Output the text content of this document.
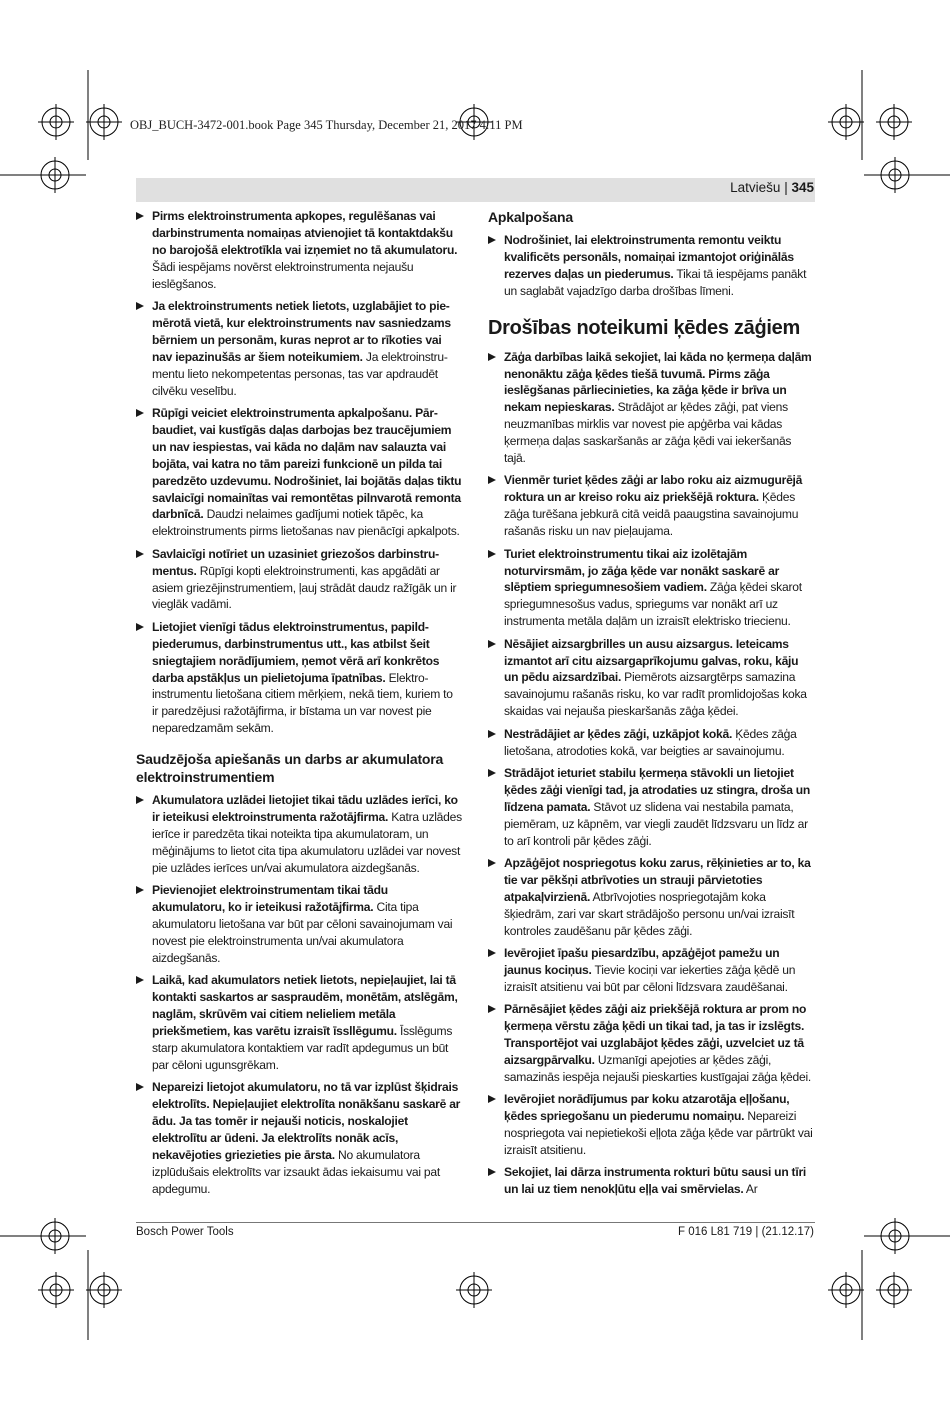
OBJ_BUCH-3472-001.book Page 345 Thursday, December 21, 2017 4:11 PM
Latviešu | 345
Pirms elektroinstrumenta apkopes, regulēšanas vai darbinstrumenta nomaiņas atvienojiet tā kontaktdakšu no barojošā elektrotīkla vai izņemiet no tā akumulatoru. Šādi iespējams novērst elektroinstrumenta nejaušu ieslēgšanos.
Ja elektroinstruments netiek lietots, uzglabājiet to piemērotā vietā, kur elektroinstruments nav sasniedzams bērniem un personām, kuras neprot ar to rīkoties vai nav iepazinušās ar šiem noteikumiem. Ja elektroinstrumentu lieto nekompetentas personas, tas var apdraudēt cilvēku veselību.
Rūpīgi veiciet elektroinstrumenta apkalpošanu. Pārbaudiet, vai kustīgās daļas darbojas bez traucējumiem un nav iespiestas, vai kāda no daļām nav salauzta vai bojāta, vai katra no tām pareizi funkcionē un pilda tai paredzēto uzdevumu. Nodrošiniet, lai bojātās daļas tiktu savlaicīgi nomainītas vai remontētas pilnvarotā remonta darbnīcā. Daudzi nelaimes gadījumi notiek tāpēc, ka elektroinstruments pirms lietošanas nav pienācīgi apkalpots.
Savlaicīgi notīriet un uzasiniet griezošos darbinstrumentus. Rūpīgi kopti elektroinstrumenti, kas apgādāti ar asiem griezējinstrumentiem, ļauj strādāt daudz ražīgāk un ir vieglāk vadāmi.
Lietojiet vienīgi tādus elektroinstrumentus, papildpiederumus, darbinstrumentus utt., kas atbilst šeit sniegtajiem norādījumiem, ņemot vērā arī konkrētos darba apstākļus un pielietojuma īpatnības. Elektroinstrumentu lietošana citiem mērķiem, nekā tiem, kuriem to ir paredzējusi ražotājfirma, ir bīstama un var novest pie neparedzamām sekām.
Saudzējoša apiešanās un darbs ar akumulatora elektroinstrumentiem
Akumulatora uzlādei lietojiet tikai tādu uzlādes ierīci, ko ir ieteikusi elektroinstrumenta ražotājfirma. Katra uzlādes ierīce ir paredzēta tikai noteikta tipa akumulatoram, un mēģinājums to lietot cita tipa akumulatoru uzlādei var novest pie uzlādes ierīces un/vai akumulatora aizdegšanās.
Pievienojiet elektroinstrumentam tikai tādu akumulatoru, ko ir ieteikusi ražotājfirma. Cita tipa akumulatoru lietošana var būt par cēloni savainojumam vai novest pie elektroinstrumenta un/vai akumulatora aizdegšanās.
Laikā, kad akumulators netiek lietots, nepieļaujiet, lai tā kontakti saskartos ar saspraudēm, monētām, atslēgām, naglām, skrūvēm vai citiem nelieliem metāla priekšmetiem, kas varētu izraisīt īssllēgumu. Īsslēgums starp akumulatora kontaktiem var radīt apdegumus un būt par cēloni ugunsgrēkam.
Nepareizi lietojot akumulatoru, no tā var izplūst šķidrais elektrolīts. Nepieļaujiet elektrolīta nonākšanu saskarē ar ādu. Ja tas tomēr ir nejauši noticis, noskalojiet elektrolītu ar ūdeni. Ja elektrolīts nonāk acīs, nekavējoties griezieties pie ārsta. No akumulatora izplūdušais elektrolīts var izsaukt ādas iekaisumu vai pat apdegumu.
Apkalpošana
Nodrošiniet, lai elektroinstrumenta remontu veiktu kvalificēts personāls, nomaiņai izmantojot oriģinālās rezerves daļas un piederumus. Tikai tā iespējams panākt un saglabāt vajadzīgo darba drošības līmeni.
Drošības noteikumi ķēdes zāģiem
Zāģa darbības laikā sekojiet, lai kāda no ķermeņa daļām nenonāktu zāģa ķēdes tiešā tuvumā. Pirms zāģa ieslēgšanas pārliecinieties, ka zāģa ķēde ir brīva un nekam nepieskaras. Strādājot ar ķēdes zāģi, pat viens neuzmanības mirklis var novest pie apģērba vai kādas ķermeņa daļas saskaršanās ar zāģa ķēdi vai iekeršanās tajā.
Vienmēr turiet ķēdes zāģi ar labo roku aiz aizmugurējā roktura un ar kreiso roku aiz priekšējā roktura. Ķēdes zāģa turēšana jebkurā citā veidā paaugstina savainojumu rašanās risku un nav pieļaujama.
Turiet elektroinstrumentu tikai aiz izolētajām noturvirsmām, jo zāģa ķēde var nonākt saskarē ar slēptiem spriegumnesošiem vadiem. Zāģa ķēdei skarot spriegumnesošus vadus, spriegums var nonākt arī uz instrumenta metāla daļām un izraisīt elektrisko triecienu.
Nēsājiet aizsargbrilles un ausu aizsargus. Ieteicams izmantot arī citu aizsargaprīkojumu galvas, roku, kāju un pēdu aizsardzībai. Piemērots aizsargtērps samazina savainojumu rašanās risku, ko var radīt promlidojošas koka skaidas vai nejauša pieskaršanās zāģa ķēdei.
Nestrādājiet ar ķēdes zāģi, uzkāpjot kokā. Ķēdes zāģa lietošana, atrodoties kokā, var beigties ar savainojumu.
Strādājot ieturiet stabilu ķermeņa stāvokli un lietojiet ķēdes zāģi vienīgi tad, ja atrodaties uz stingra, droša un līdzena pamata. Stāvot uz slidena vai nestabila pamata, piemēram, uz kāpnēm, var viegli zaudēt līdzsvaru un līdz ar to arī kontroli pār ķēdes zāģi.
Apzāģējot nospriegotus koku zarus, rēķinieties ar to, ka tie var pēkšņi atbrīvoties un strauji pārvietoties atpakaļvirzienā. Atbrīvojoties nospriegotajām koka šķiedrām, zari var skart strādājošo personu un/vai izraisīt kontroles zaudēšanu pār ķēdes zāģi.
Ievērojiet īpašu piesardzību, apzāģējot pamežu un jaunus kociņus. Tievie kociņi var iekerties zāģa ķēdē un izraisīt atsitienu vai būt par cēloni līdzsvara zaudēšanai.
Pārnēsājiet ķēdes zāģi aiz priekšējā roktura ar prom no ķermeņa vērstu zāģa ķēdi un tikai tad, ja tas ir izslēgts. Transportējot vai uzglabājot ķēdes zāģi, uzvelciet uz tā aizsargpārvalku. Uzmanīgi apejoties ar ķēdes zāģi, samazinās iespēja nejauši pieskarties kustīgajai zāģa ķēdei.
Ievērojiet norādījumus par koku atzarotāja eļļošanu, ķēdes spriegošanu un piederumu nomaiņu. Nepareizi nospriegota vai nepietiekoši eļļota zāģa ķēde var pārtrūkt vai izraisīt atsitienu.
Sekojiet, lai dārza instrumenta rokturi būtu sausi un tīri un lai uz tiem nenokļūtu eļļa vai smērvielas. Ar
Bosch Power Tools	F 016 L81 719 | (21.12.17)
